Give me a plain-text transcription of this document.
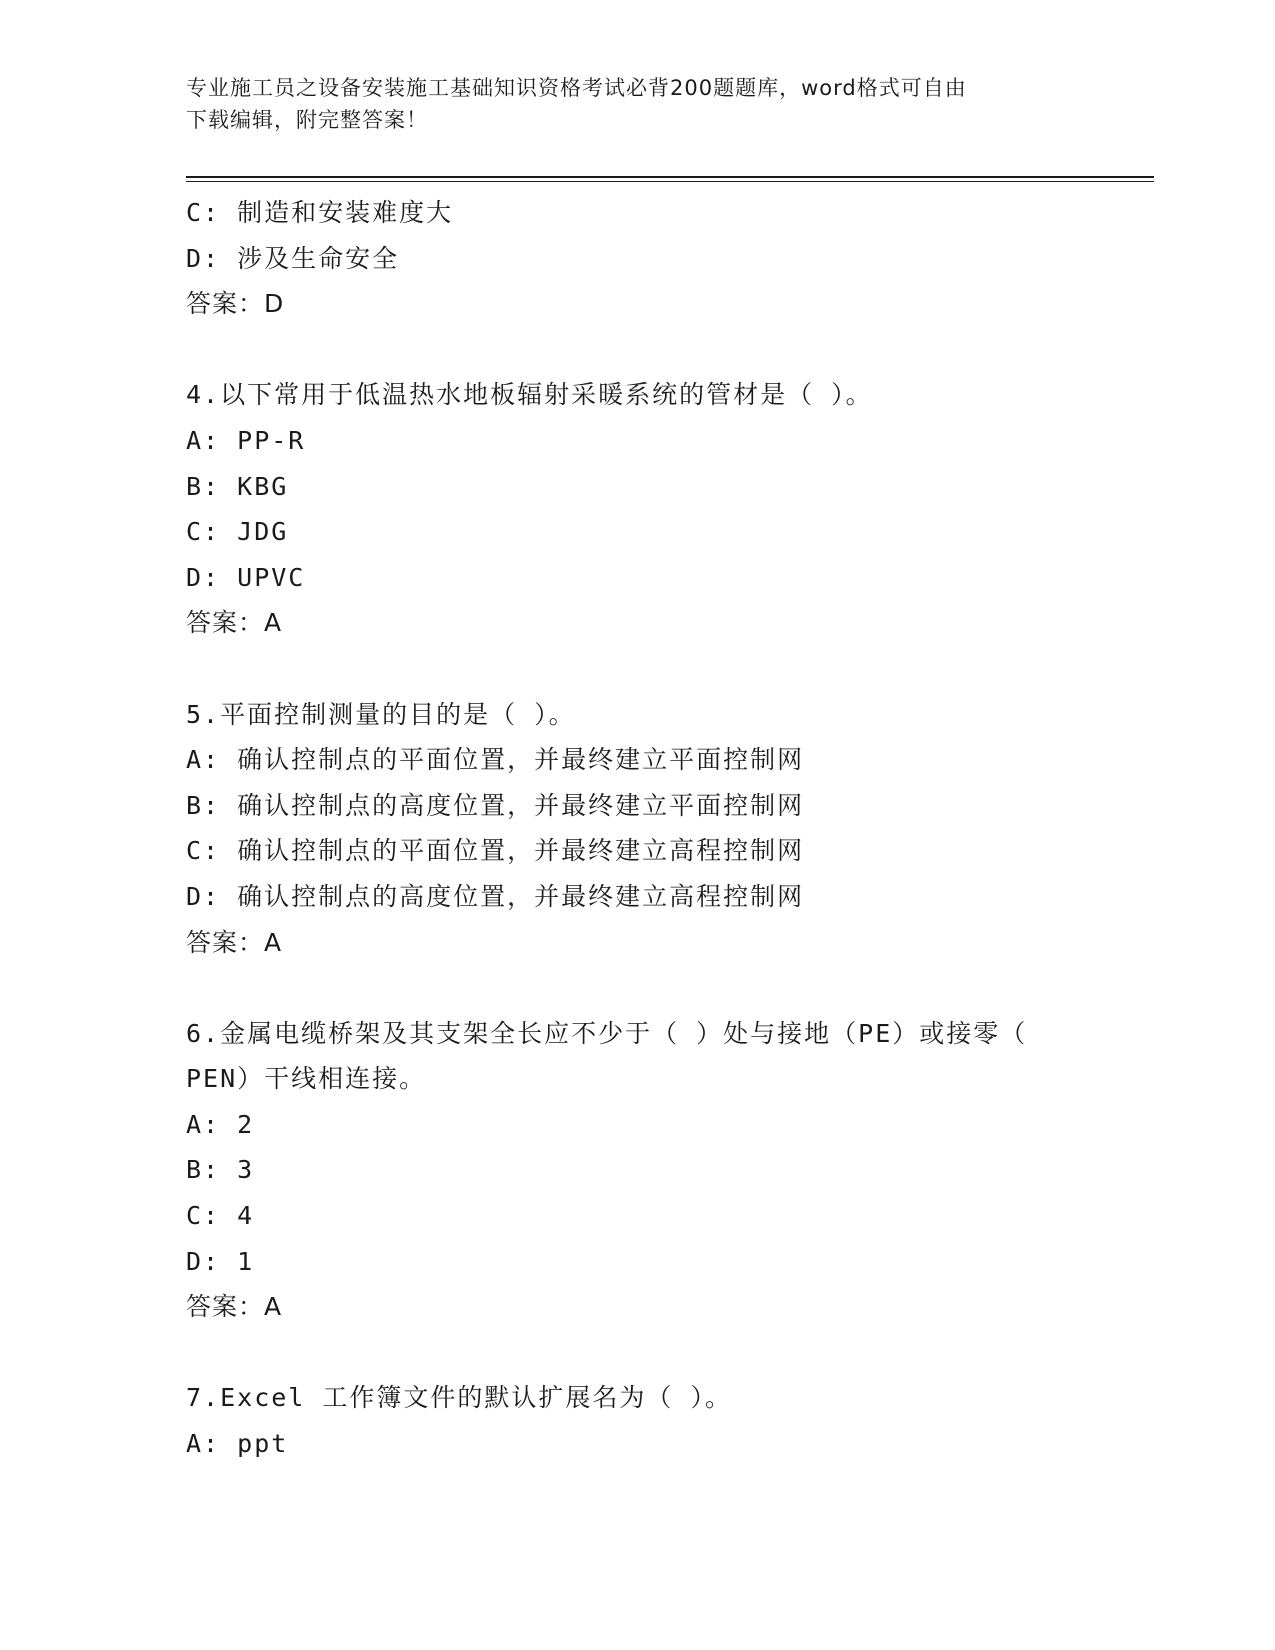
专业施工员之设备安装施工基础知识资格考试必背200题题库，word格式可自由
下载编辑，附完整答案！
C: 制造和安装难度大
D: 涉及生命安全
答案：D
4.以下常用于低温热水地板辐射采暖系统的管材是（ ）。
A: PP-R
B: KBG
C: JDG
D: UPVC
答案：A
5.平面控制测量的目的是（ ）。
A: 确认控制点的平面位置，并最终建立平面控制网
B: 确认控制点的高度位置，并最终建立平面控制网
C: 确认控制点的平面位置，并最终建立高程控制网
D: 确认控制点的高度位置，并最终建立高程控制网
答案：A
6.金属电缆桥架及其支架全长应不少于（ ）处与接地（PE）或接零（
PEN）干线相连接。
A: 2
B: 3
C: 4
D: 1
答案：A
7.Excel 工作簿文件的默认扩展名为（ ）。
A: ppt
